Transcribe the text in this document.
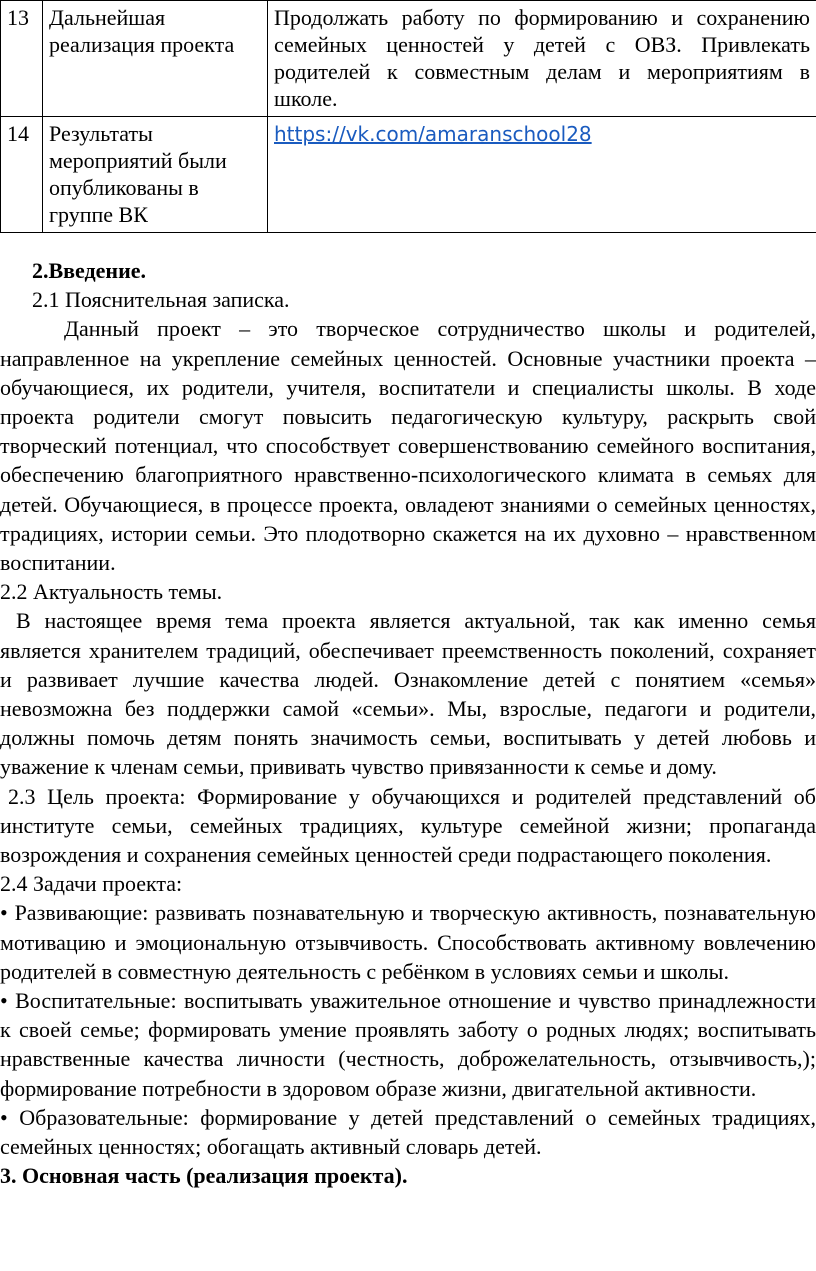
13	Дальнейшая реализация проекта	Продолжать работу по формированию и сохранению семейных ценностей у детей с ОВЗ. Привлекать родителей к совместным делам и мероприятиям в школе.
14	Результаты мероприятий были опубликованы в группе ВК	https://vk.com/amaranschool28

2.Введение.

2.1 Пояснительная записка.

Данный проект – это творческое сотрудничество школы и родителей, направленное на укрепление семейных ценностей. Основные участники проекта – обучающиеся, их родители, учителя, воспитатели и специалисты школы. В ходе проекта родители смогут повысить педагогическую культуру, раскрыть свой творческий потенциал, что способствует совершенствованию семейного воспитания, обеспечению благоприятного нравственно-психологического климата в семьях для детей. Обучающиеся, в процессе проекта, овладеют знаниями о семейных ценностях, традициях, истории семьи. Это плодотворно скажется на их духовно – нравственном воспитании.

2.2 Актуальность темы.

В настоящее время тема проекта является актуальной, так как именно семья является хранителем традиций, обеспечивает преемственность поколений, сохраняет и развивает лучшие качества людей. Ознакомление детей с понятием «семья» невозможна без поддержки самой «семьи». Мы, взрослые, педагоги и родители, должны помочь детям понять значимость семьи, воспитывать у детей любовь и уважение к членам семьи, прививать чувство привязанности к семье и дому.

2.3 Цель проекта: Формирование у обучающихся и родителей представлений об институте семьи, семейных традициях, культуре семейной жизни; пропаганда возрождения и сохранения семейных ценностей среди подрастающего поколения.

2.4 Задачи проекта:

• Развивающие: развивать познавательную и творческую активность, познавательную мотивацию и эмоциональную отзывчивость. Способствовать активному вовлечению родителей в совместную деятельность с ребёнком в условиях семьи и школы.

• Воспитательные: воспитывать уважительное отношение и чувство принадлежности к своей семье; формировать умение проявлять заботу о родных людях; воспитывать нравственные качества личности (честность, доброжелательность, отзывчивость,); формирование потребности в здоровом образе жизни, двигательной активности.

• Образовательные: формирование у детей представлений о семейных традициях, семейных ценностях; обогащать активный словарь детей.

3. Основная часть (реализация проекта).
